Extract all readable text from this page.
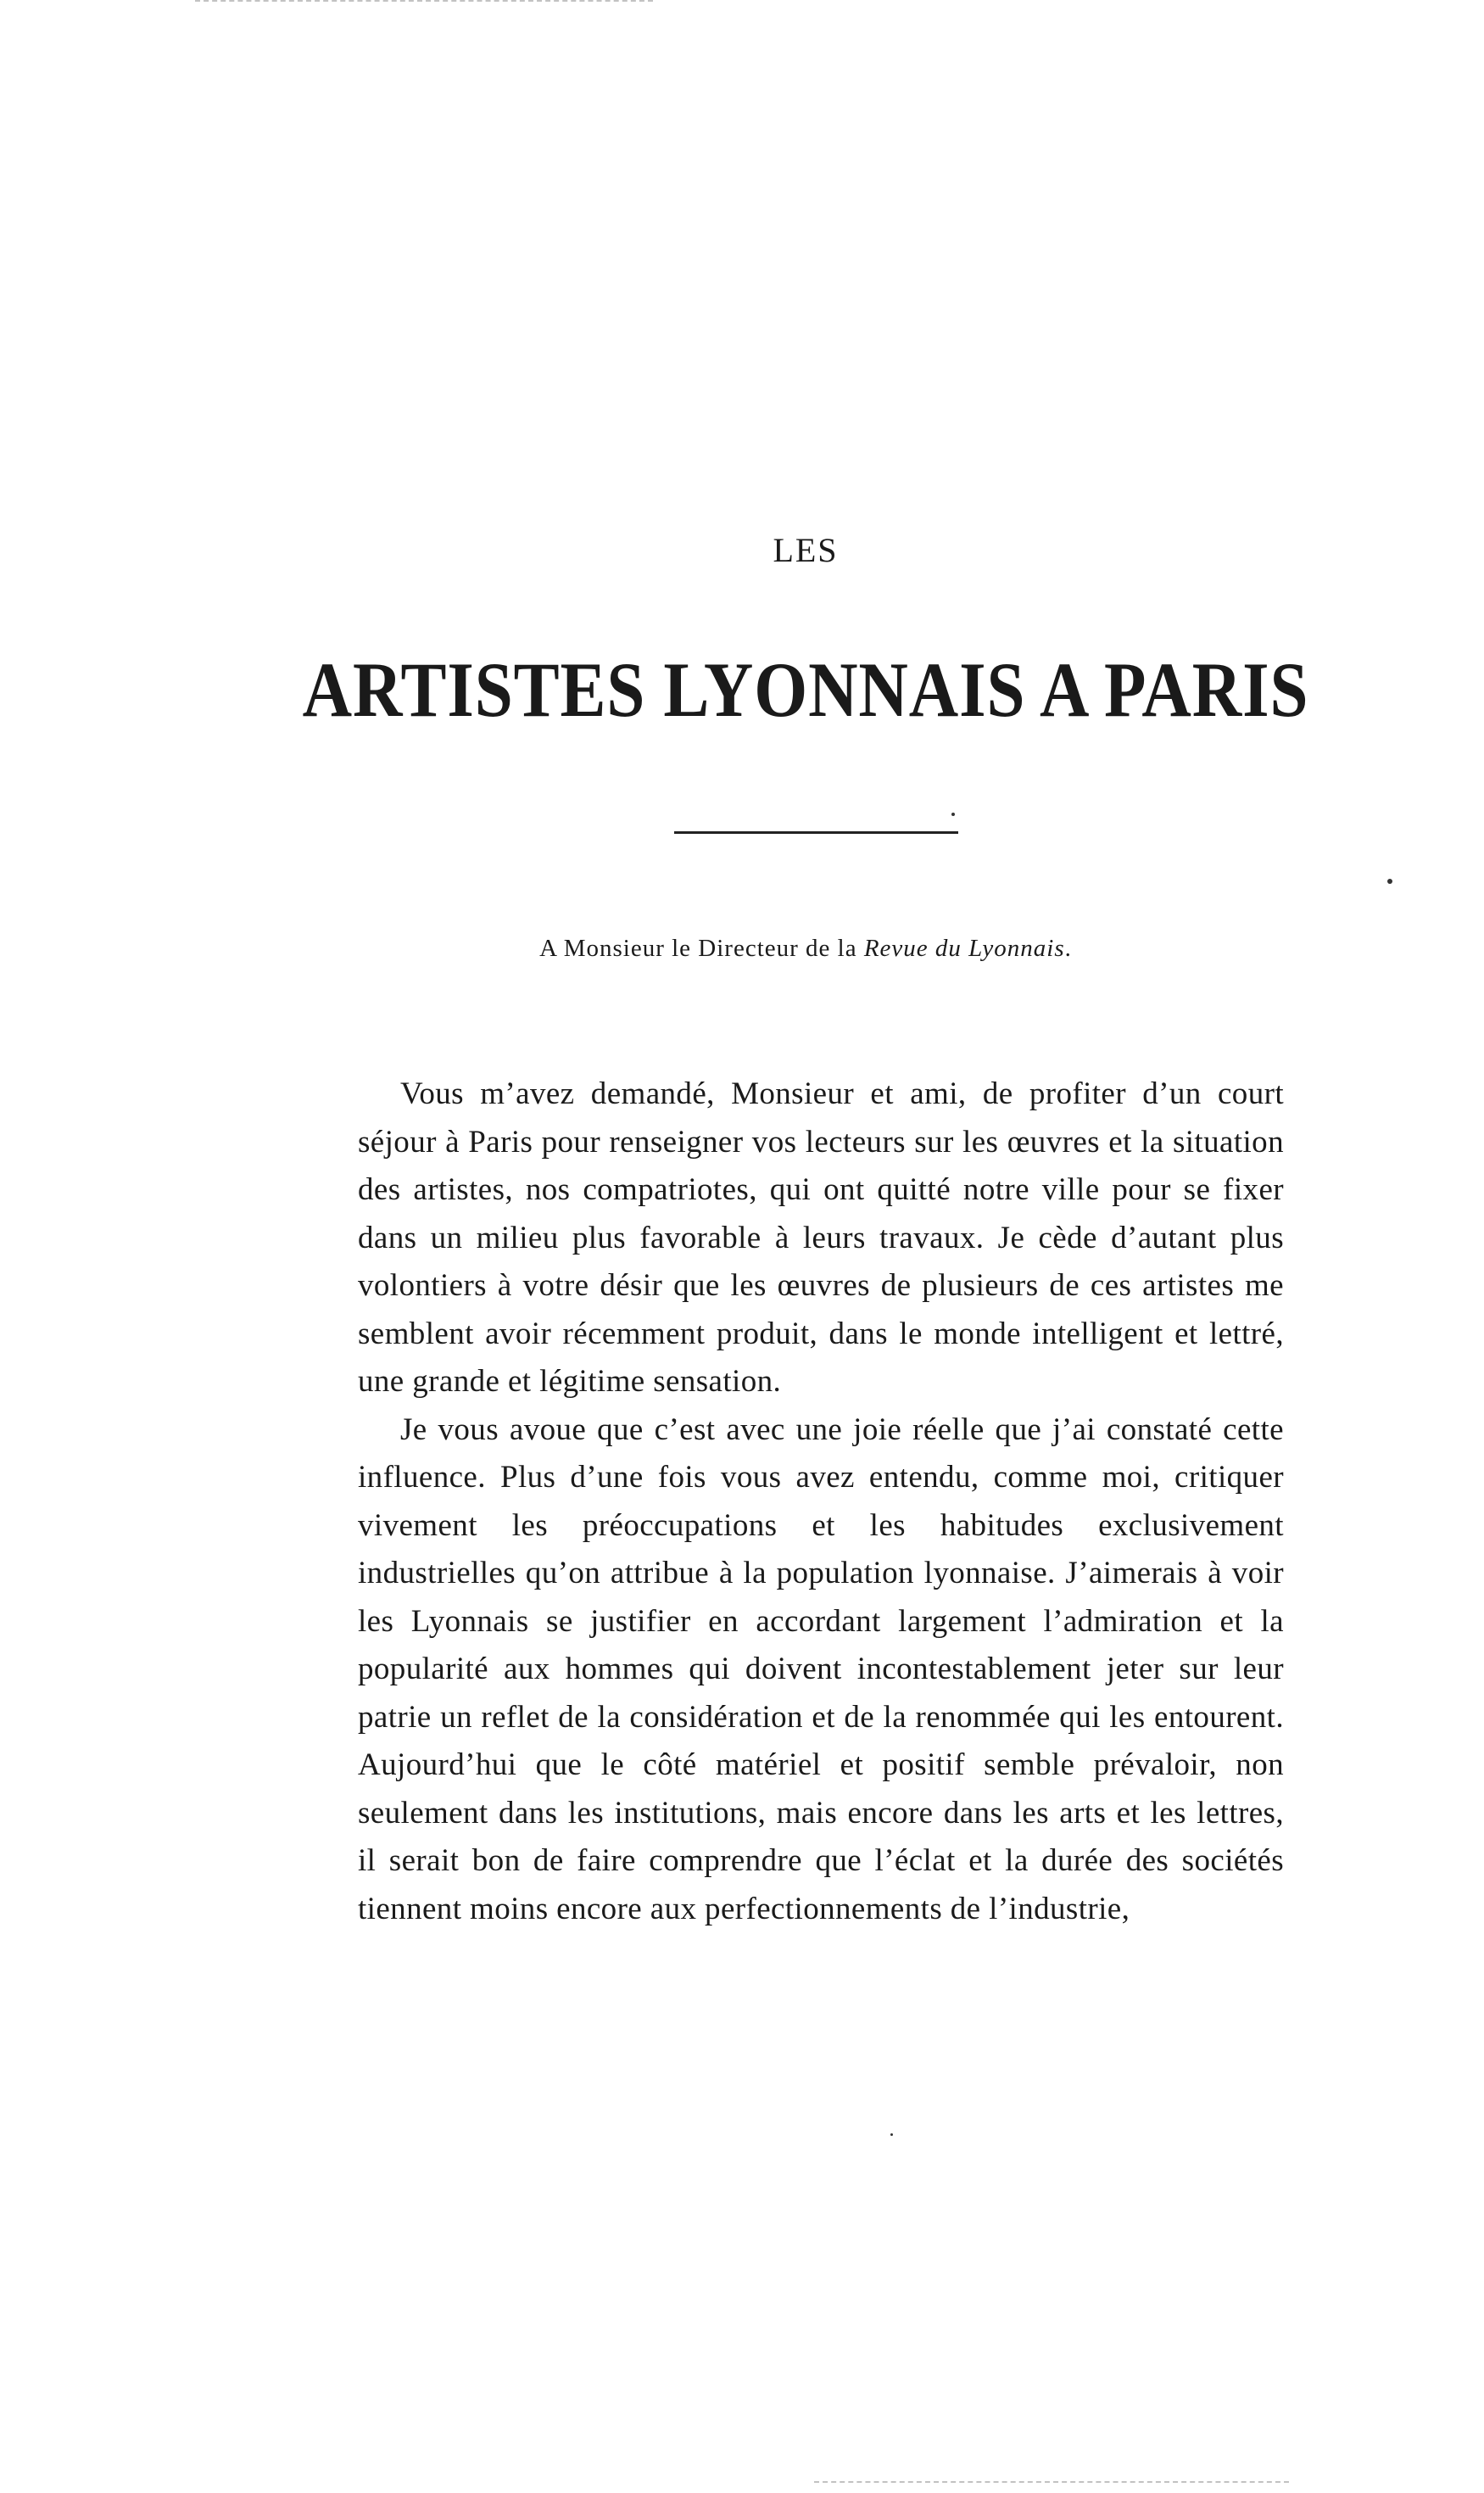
LES
ARTISTES LYONNAIS A PARIS
A Monsieur le Directeur de la Revue du Lyonnais.

Vous m’avez demandé, Monsieur et ami, de profiter d’un court séjour à Paris pour renseigner vos lecteurs sur les œuvres et la situation des artistes, nos compatriotes, qui ont quitté notre ville pour se fixer dans un milieu plus favorable à leurs travaux. Je cède d’autant plus volontiers à votre désir que les œuvres de plusieurs de ces artistes me semblent avoir récemment produit, dans le monde intelligent et lettré, une grande et légitime sensation.

Je vous avoue que c’est avec une joie réelle que j’ai constaté cette influence. Plus d’une fois vous avez entendu, comme moi, critiquer vivement les préoccupations et les habitudes exclusivement industrielles qu’on attribue à la population lyonnaise. J’aimerais à voir les Lyonnais se justifier en accordant largement l’admiration et la popularité aux hommes qui doivent incontestablement jeter sur leur patrie un reflet de la considération et de la renommée qui les entourent. Aujourd’hui que le côté matériel et positif semble prévaloir, non seulement dans les institutions, mais encore dans les arts et les lettres, il serait bon de faire comprendre que l’éclat et la durée des sociétés tiennent moins encore aux perfectionnements de l’industrie,
